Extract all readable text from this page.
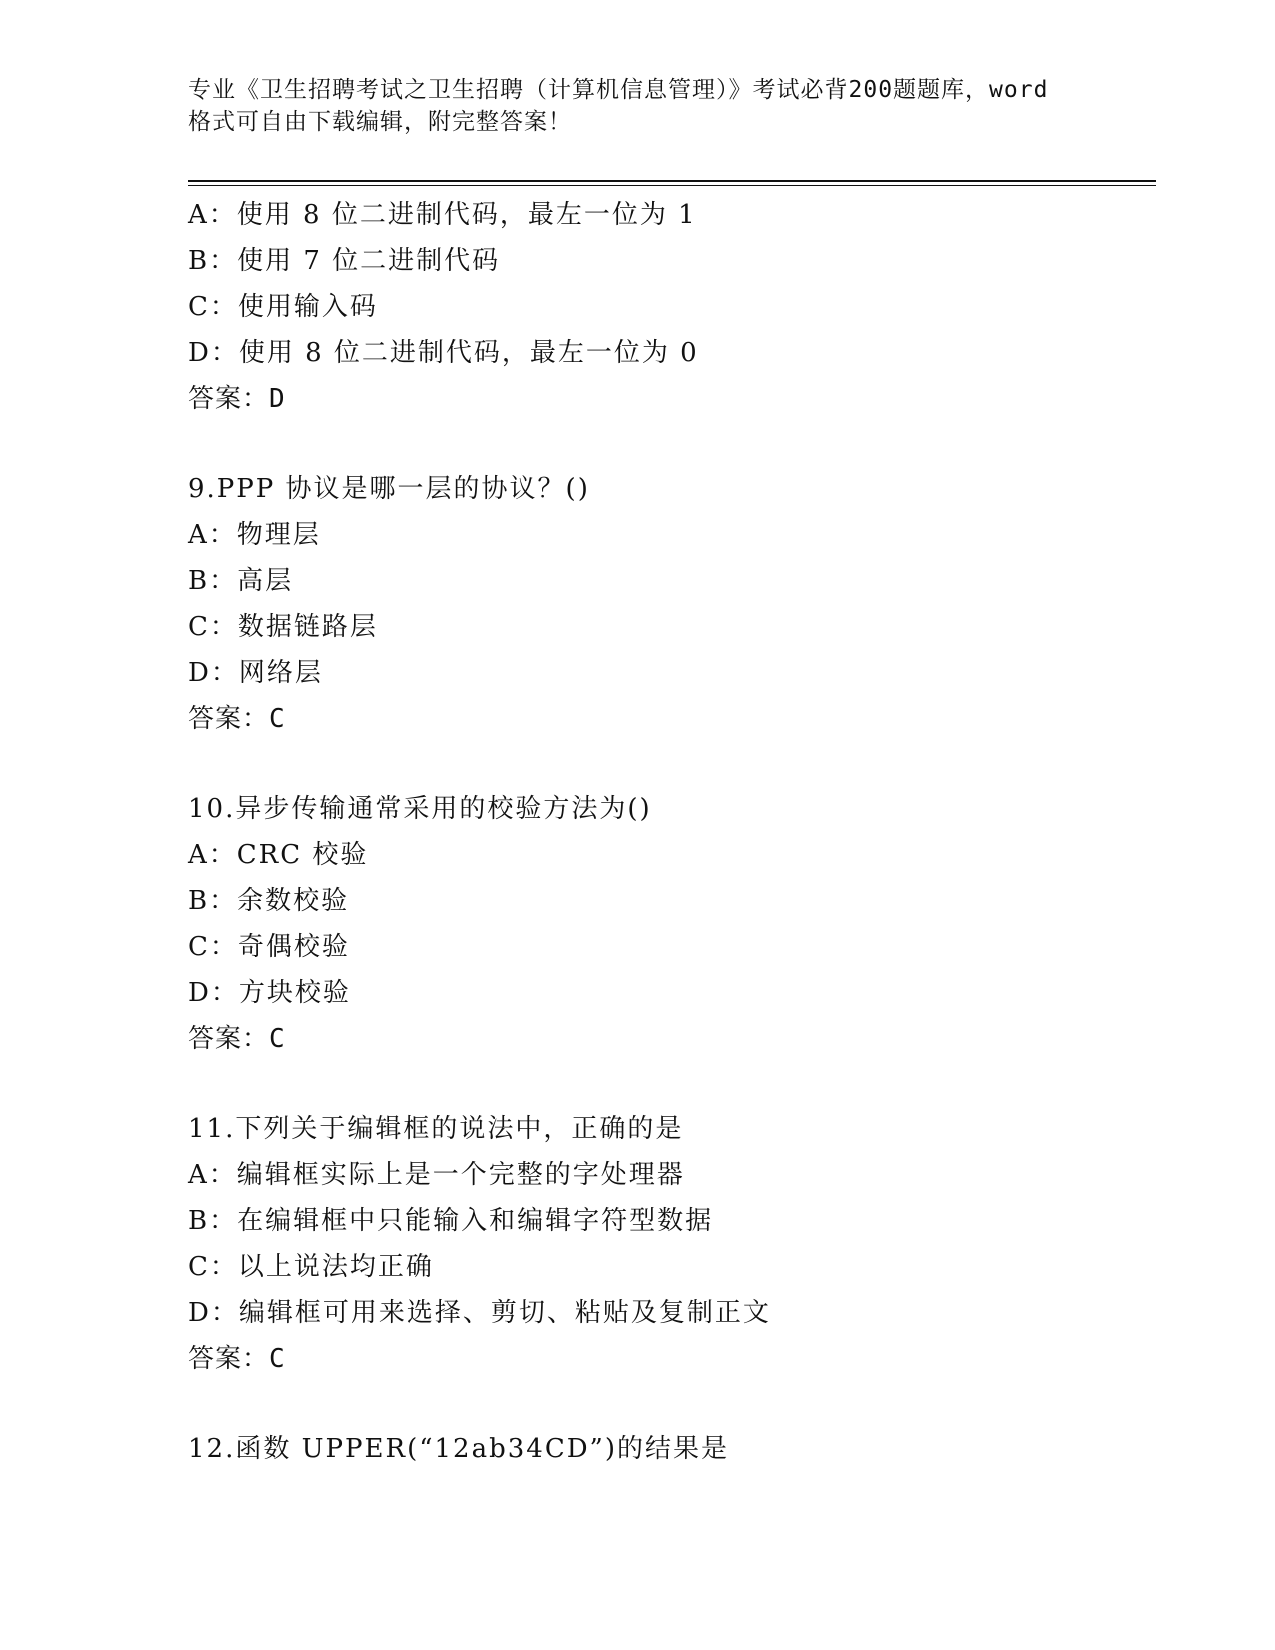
专业《卫生招聘考试之卫生招聘（计算机信息管理）》考试必背200题题库，word
格式可自由下载编辑，附完整答案！
A：使用 8 位二进制代码，最左一位为 1
B：使用 7 位二进制代码
C：使用输入码
D：使用 8 位二进制代码，最左一位为 0
答案：D
9.PPP 协议是哪一层的协议？()
A：物理层
B：高层
C：数据链路层
D：网络层
答案：C
10.异步传输通常采用的校验方法为()
A：CRC 校验
B：余数校验
C：奇偶校验
D：方块校验
答案：C
11.下列关于编辑框的说法中，正确的是
A：编辑框实际上是一个完整的字处理器
B：在编辑框中只能输入和编辑字符型数据
C：以上说法均正确
D：编辑框可用来选择、剪切、粘贴及复制正文
答案：C
12.函数 UPPER(“12ab34CD”)的结果是
